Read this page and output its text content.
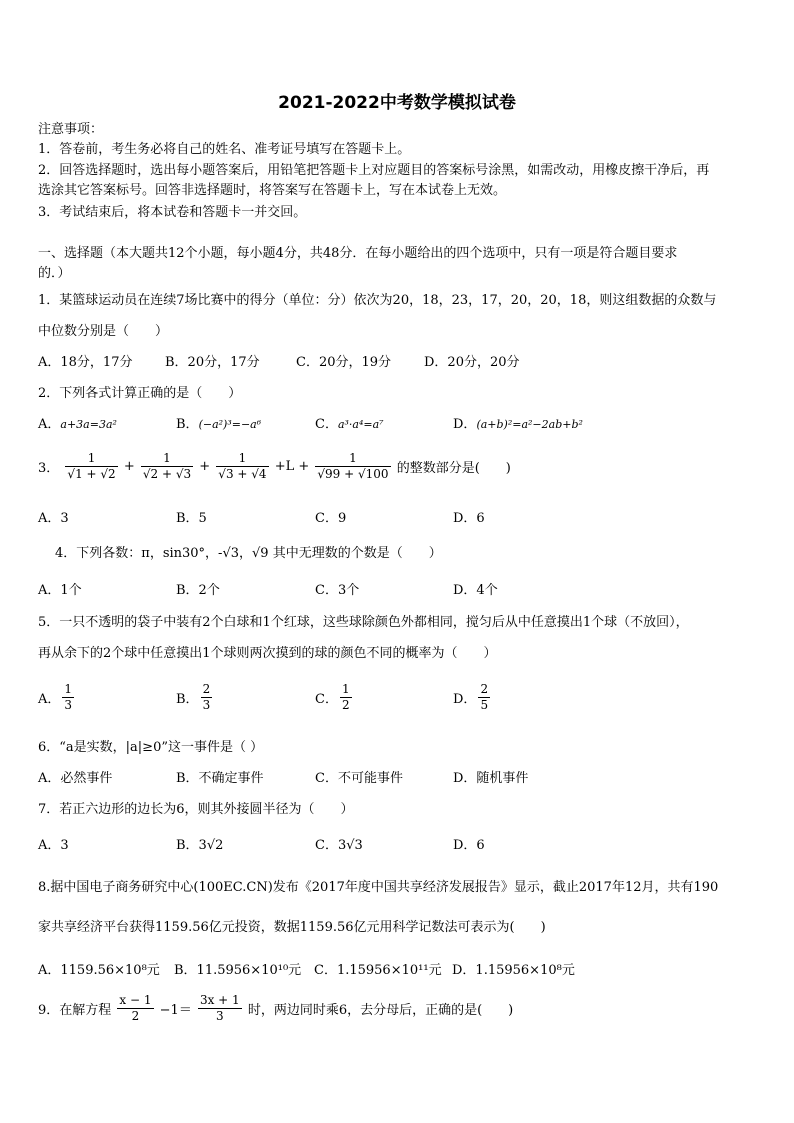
2021-2022中考数学模拟试卷
注意事项：
1．答卷前，考生务必将自己的姓名、准考证号填写在答题卡上。
2．回答选择题时，选出每小题答案后，用铅笔把答题卡上对应题目的答案标号涂黑，如需改动，用橡皮擦干净后，再
选涂其它答案标号。回答非选择题时，将答案写在答题卡上，写在本试卷上无效。
3．考试结束后，将本试卷和答题卡一并交回。
一、选择题（本大题共12个小题，每小题4分，共48分．在每小题给出的四个选项中，只有一项是符合题目要求
的．）
1．某篮球运动员在连续7场比赛中的得分（单位：分）依次为20，18，23，17，20，20，18，则这组数据的众数与
中位数分别是（　　）
A．18分，17分	B．20分，17分	C．20分，19分	D．20分，20分
2．下列各式计算正确的是（　　）
A．a+3a=3a²	B．(−a²)³=−a⁶	C．a³·a⁴=a⁷	D．(a+b)²=a²−2ab+b²
3． $\frac{1}{√1 + √2} + \frac{1}{√2 + √3} + \frac{1}{√3 + √4} +L + \frac{1}{√99 + √100}$ 的整数部分是(　　)
A．3	B．5	C．9	D．6
4．下列各数：π，sin30°，-√3，√9 其中无理数的个数是（　　）
A．1个	B．2个	C．3个	D．4个
5．一只不透明的袋子中装有2个白球和1个红球，这些球除颜色外都相同，搅匀后从中任意摸出1个球（不放回），
再从余下的2个球中任意摸出1个球则两次摸到的球的颜色不同的概率为（　　）
A． $\frac{1}{3}$	B． $\frac{2}{3}$	C． $\frac{1}{2}$	D． $\frac{2}{5}$
6．“a是实数，|a|≥0”这一事件是（ ）
A．必然事件	B．不确定事件	C．不可能事件	D．随机事件
7．若正六边形的边长为6，则其外接圆半径为（　　）
A．3	B．3√2	C．3√3	D．6
8.据中国电子商务研究中心(100EC.CN)发布《2017年度中国共享经济发展报告》显示，截止2017年12月，共有190
家共享经济平台获得1159.56亿元投资，数据1159.56亿元用科学记数法可表示为(　　)
A．1159.56×10⁸元 B．11.5956×10¹⁰元 C．1.15956×10¹¹元 D．1.15956×10⁸元
9．在解方程 $\frac{x - 1}{2} -1= \frac{3x + 1}{3}$ 时，两边同时乘6，去分母后，正确的是(　　)
